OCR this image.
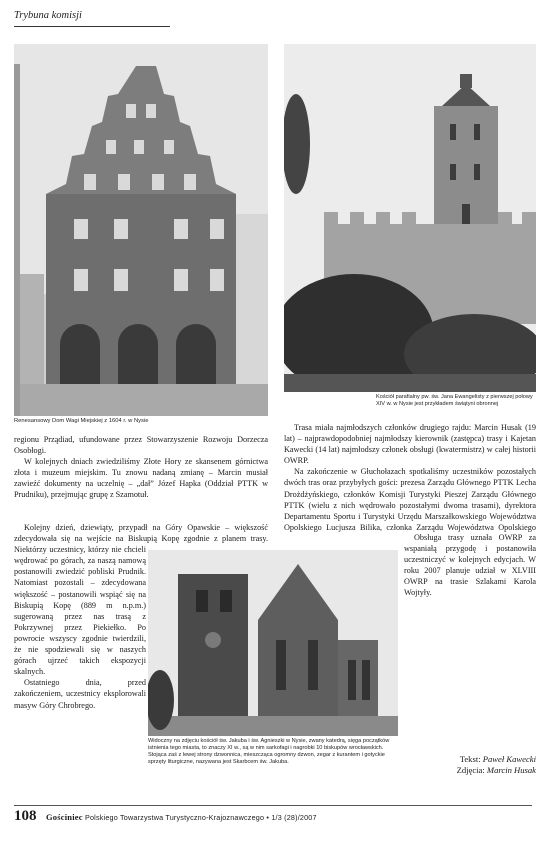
Trybuna komisji
Renesansowy Dom Wagi Miejskiej z 1604 r. w Nysie
Kościół parafialny pw. św. Jana Ewangelisty z pierwszej połowy XIV w. w Nysie jest przykładem świątyni obronnej

regionu Prządiad, ufundowane przez Stowarzyszenie Rozwoju Dorzecza Osobłogi.

W kolejnych dniach zwiedziliśmy Złote Hory ze skansenem górnictwa złota i muzeum miejskim. Tu znowu nadaną zmianę – Marcin musiał zawieźć dokumenty na uczelnię – „dał” Józef Hapka (Oddział PTTK w Prudniku), przejmując grupę z Szamotuł.

Kolejny dzień, dziewiąty, przypadł na Góry Opawskie – większość zdecydowała się na wejście na Biskupią Kopę zgodnie z planem trasy. Niektórzy uczestnicy, którzy nie chcieli wędrować po górach, za naszą namową postanowili zwiedzić pobliski Prudnik. Natomiast pozostali – zdecydowana większość – postanowili wspiąć się na Biskupią Kopę (889 m n.p.m.) sugerowaną przez nas trasą z Pokrzywnej przez Piekiełko. Po powrocie wszyscy zgodnie twierdzili, że nie spodziewali się w naszych górach ujrzeć takich ekspozycji skalnych.

Ostatniego dnia, przed zakończeniem, uczestnicy eksplorowali masyw Góry Chrobrego.

Trasa miała najmłodszych członków drugiego rajdu: Marcin Husak (19 lat) – najprawdopodobniej najmłodszy kierownik (zastępca) trasy i Kajetan Kawecki (14 lat) najmłodszy członek obsługi (kwatermistrz) w całej historii OWRP.

Na zakończenie w Głuchołazach spotkaliśmy uczestników pozostałych dwóch tras oraz przybyłych gości: prezesa Zarządu Głównego PTTK Lecha Drożdżyńskiego, członków Komisji Turystyki Pieszej Zarządu Głównego PTTK (wielu z nich wędrowało pozostałymi dwoma trasami), dyrektora Departamentu Sportu i Turystyki Urzędu Marszałkowskiego Województwa Opolskiego Lucjusza Bilika, członka Zarządu Województwa Opolskiego

Obsługa trasy uznała OWRP za wspaniałą przygodę i postanowiła uczestniczyć w kolejnych edycjach. W roku 2007 planuje udział w XLVIII OWRP na trasie Szlakami Karola Wojtyły.

Widoczny na zdjęciu kościół św. Jakuba i św. Agnieszki w Nysie, zwany katedrą, sięga początków istnienia tego miasta, to znaczy XI w., są w nim sarkofagi i nagrobki 10 biskupów wrocławskich. Stojąca zaś z lewej strony dzwonnica, mieszcząca ogromny dzwon, zegar z kurantem i gotyckie sprzęty liturgiczne, nazywana jest Skarbcem św. Jakuba.	Tekst: Paweł Kawecki
Zdjęcia: Marcin Husak
108 Gościniec Polskiego Towarzystwa Turystyczno-Krajoznawczego • 1/3 (28)/2007
